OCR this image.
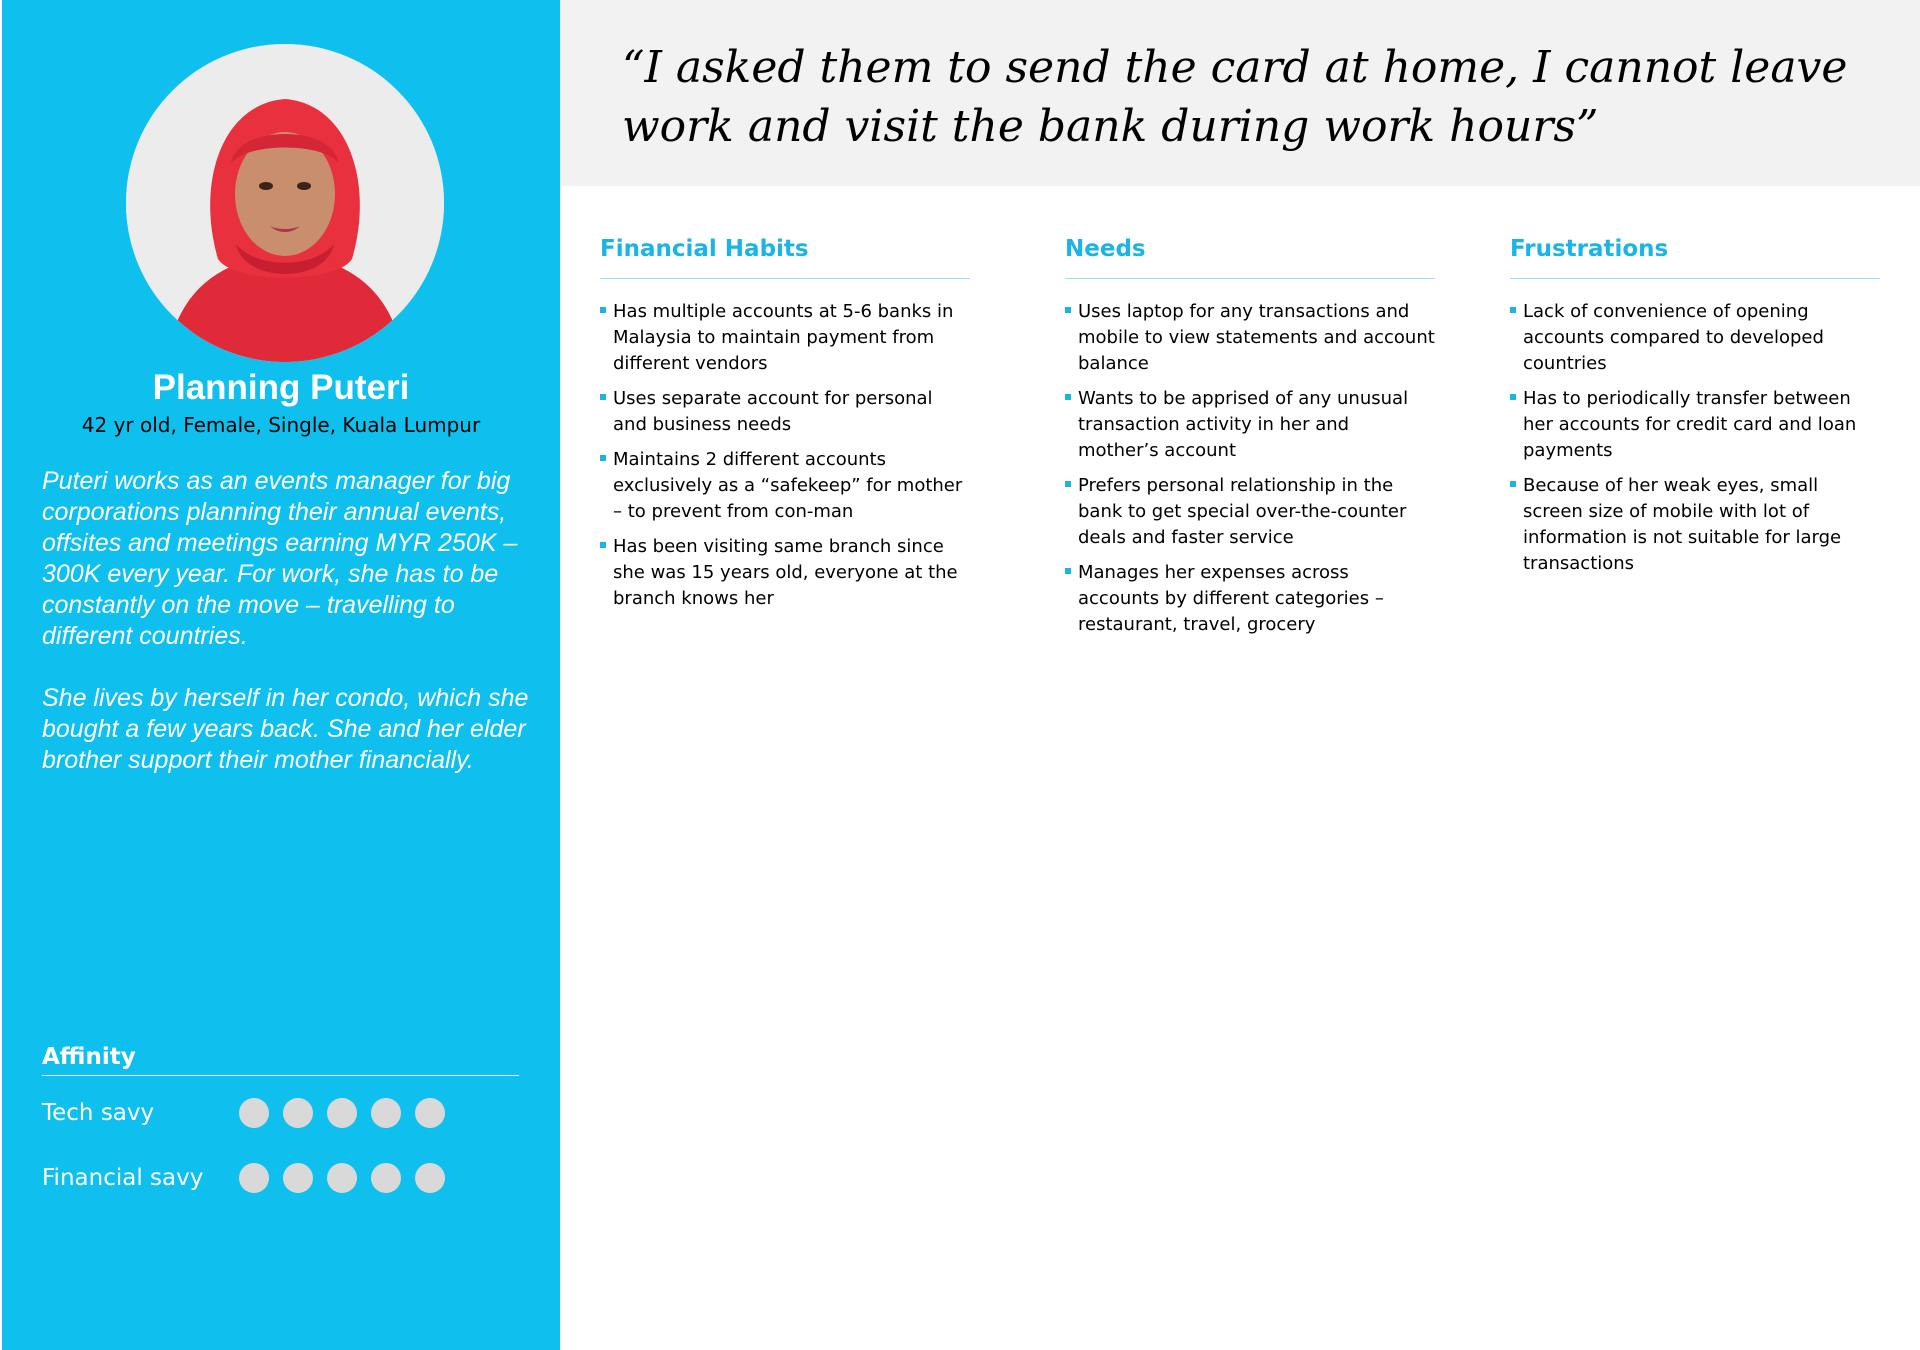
Planning Puteri
42 yr old, Female, Single, Kuala Lumpur
Puteri works as an events manager for big corporations planning their annual events, offsites and meetings earning MYR 250K – 300K every year. For work, she has to be constantly on the move – travelling to different countries.
She lives by herself in her condo, which she bought a few years back. She and her elder brother support their mother financially.
Affinity
Tech savy
Financial savy
“I asked them to send the card at home, I cannot leave work and visit the bank during work hours”
Financial Habits
Has multiple accounts at 5-6 banks in Malaysia to maintain payment from different vendors
Uses separate account for personal and business needs
Maintains 2 different accounts exclusively as a “safekeep” for mother – to prevent from con-man
Has been visiting same branch since she was 15 years old, everyone at the branch knows her
Needs
Uses laptop for any transactions and mobile to view statements and account balance
Wants to be apprised of any unusual transaction activity in her and mother’s account
Prefers personal relationship in the bank to get special over-the-counter deals and faster service
Manages her expenses across accounts by different categories – restaurant, travel, grocery
Frustrations
Lack of convenience of opening accounts compared to developed countries
Has to periodically transfer between her accounts for credit card and loan payments
Because of her weak eyes, small screen size of mobile with lot of information is not suitable for large transactions
